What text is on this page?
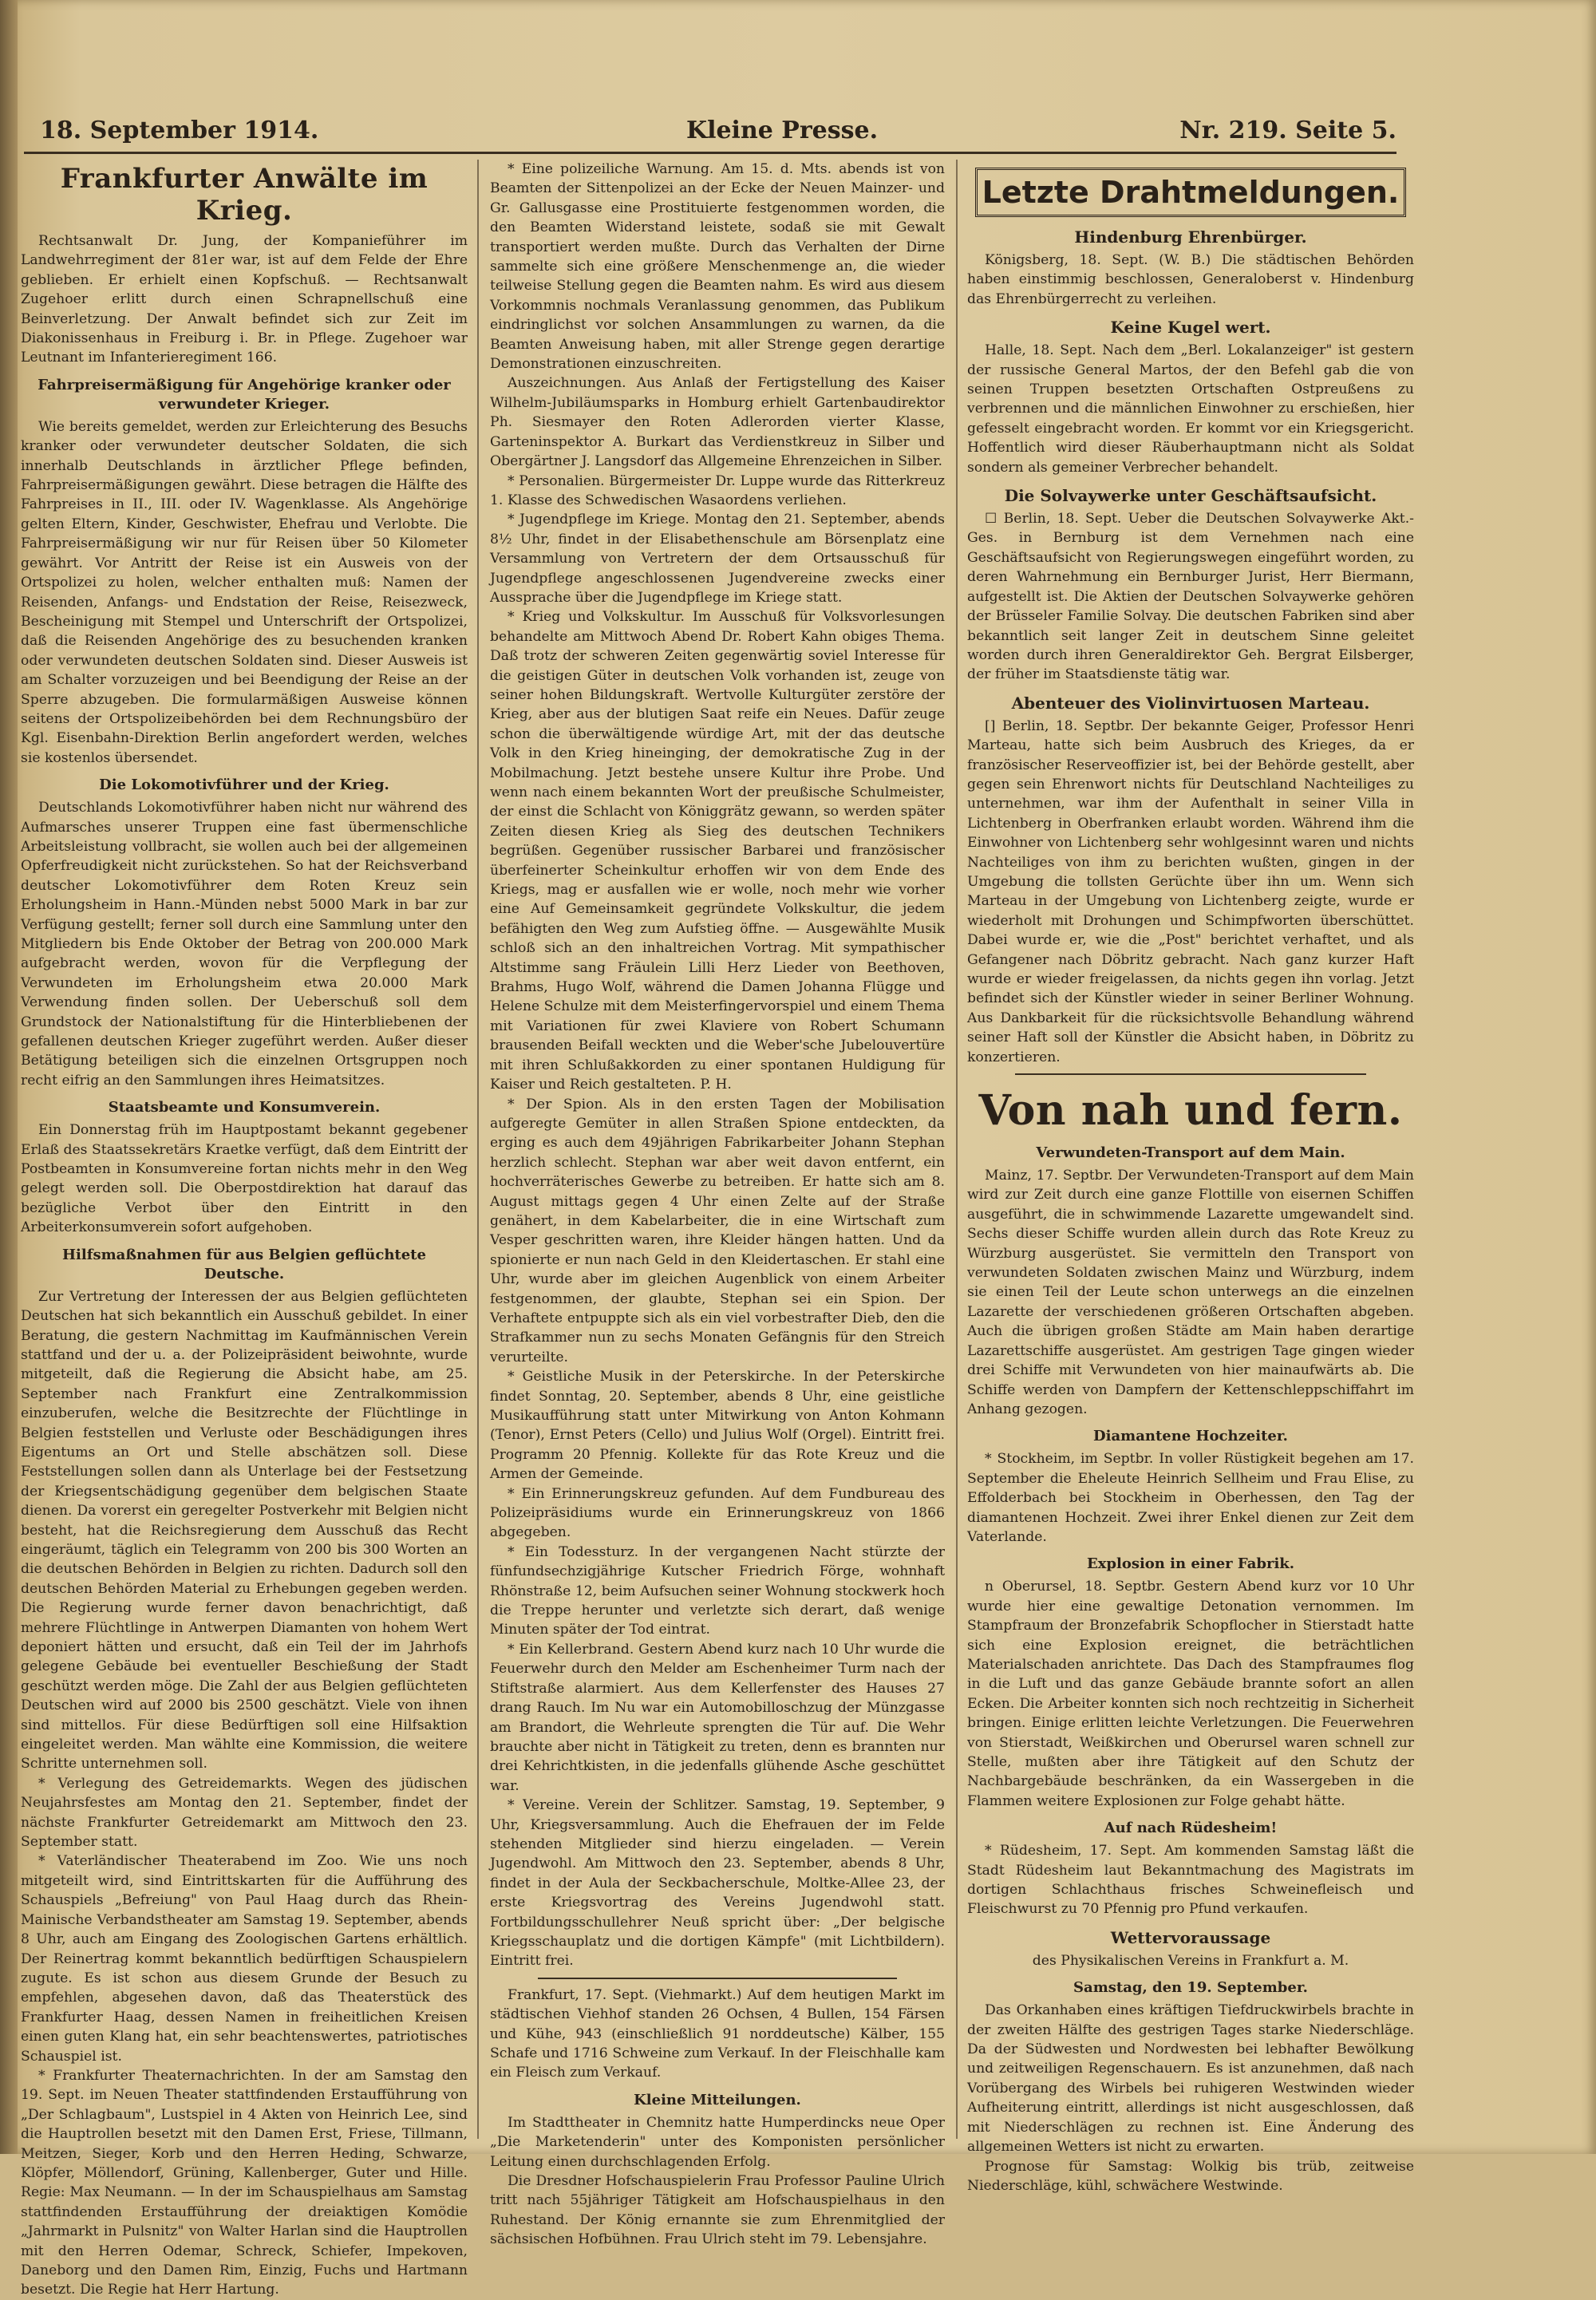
18. September 1914.	Kleine Presse.	Nr. 219. Seite 5.
Frankfurter Anwälte im Krieg.

Rechtsanwalt Dr. Jung, der Kompanieführer im Landwehrregiment der 81er war, ist auf dem Felde der Ehre geblieben. Er erhielt einen Kopfschuß. — Rechtsanwalt Zugehoer erlitt durch einen Schrapnellschuß eine Beinverletzung. Der Anwalt befindet sich zur Zeit im Diakonissenhaus in Freiburg i. Br. in Pflege. Zugehoer war Leutnant im Infanterieregiment 166.

Fahrpreisermäßigung für Angehörige kranker oder verwundeter Krieger.

Wie bereits gemeldet, werden zur Erleichterung des Besuchs kranker oder verwundeter deutscher Soldaten, die sich innerhalb Deutschlands in ärztlicher Pflege befinden, Fahrpreisermäßigungen gewährt. Diese betragen die Hälfte des Fahrpreises in II., III. oder IV. Wagenklasse. Als Angehörige gelten Eltern, Kinder, Geschwister, Ehefrau und Verlobte. Die Fahrpreisermäßigung wir nur für Reisen über 50 Kilometer gewährt. Vor Antritt der Reise ist ein Ausweis von der Ortspolizei zu holen, welcher enthalten muß: Namen der Reisenden, Anfangs- und Endstation der Reise, Reisezweck, Bescheinigung mit Stempel und Unterschrift der Ortspolizei, daß die Reisenden Angehörige des zu besuchenden kranken oder verwundeten deutschen Soldaten sind. Dieser Ausweis ist am Schalter vorzuzeigen und bei Beendigung der Reise an der Sperre abzugeben. Die formularmäßigen Ausweise können seitens der Ortspolizeibehörden bei dem Rechnungsbüro der Kgl. Eisenbahn-Direktion Berlin angefordert werden, welches sie kostenlos übersendet.

Die Lokomotivführer und der Krieg.

Deutschlands Lokomotivführer haben nicht nur während des Aufmarsches unserer Truppen eine fast übermenschliche Arbeitsleistung vollbracht, sie wollen auch bei der allgemeinen Opferfreudigkeit nicht zurückstehen. So hat der Reichsverband deutscher Lokomotivführer dem Roten Kreuz sein Erholungsheim in Hann.-Münden nebst 5000 Mark in bar zur Verfügung gestellt; ferner soll durch eine Sammlung unter den Mitgliedern bis Ende Oktober der Betrag von 200.000 Mark aufgebracht werden, wovon für die Verpflegung der Verwundeten im Erholungsheim etwa 20.000 Mark Verwendung finden sollen. Der Ueberschuß soll dem Grundstock der Nationalstiftung für die Hinterbliebenen der gefallenen deutschen Krieger zugeführt werden. Außer dieser Betätigung beteiligen sich die einzelnen Ortsgruppen noch recht eifrig an den Sammlungen ihres Heimatsitzes.

Staatsbeamte und Konsumverein.

Ein Donnerstag früh im Hauptpostamt bekannt gegebener Erlaß des Staatssekretärs Kraetke verfügt, daß dem Eintritt der Postbeamten in Konsumvereine fortan nichts mehr in den Weg gelegt werden soll. Die Oberpostdirektion hat darauf das bezügliche Verbot über den Eintritt in den Arbeiterkonsumverein sofort aufgehoben.

Hilfsmaßnahmen für aus Belgien geflüchtete Deutsche.

Zur Vertretung der Interessen der aus Belgien geflüchteten Deutschen hat sich bekanntlich ein Ausschuß gebildet. In einer Beratung, die gestern Nachmittag im Kaufmännischen Verein stattfand und der u. a. der Polizeipräsident beiwohnte, wurde mitgeteilt, daß die Regierung die Absicht habe, am 25. September nach Frankfurt eine Zentralkommission einzuberufen, welche die Besitzrechte der Flüchtlinge in Belgien feststellen und Verluste oder Beschädigungen ihres Eigentums an Ort und Stelle abschätzen soll. Diese Feststellungen sollen dann als Unterlage bei der Festsetzung der Kriegsentschädigung gegenüber dem belgischen Staate dienen. Da vorerst ein geregelter Postverkehr mit Belgien nicht besteht, hat die Reichsregierung dem Ausschuß das Recht eingeräumt, täglich ein Telegramm von 200 bis 300 Worten an die deutschen Behörden in Belgien zu richten. Dadurch soll den deutschen Behörden Material zu Erhebungen gegeben werden. Die Regierung wurde ferner davon benachrichtigt, daß mehrere Flüchtlinge in Antwerpen Diamanten von hohem Wert deponiert hätten und ersucht, daß ein Teil der im Jahrhofs gelegene Gebäude bei eventueller Beschießung der Stadt geschützt werden möge. Die Zahl der aus Belgien geflüchteten Deutschen wird auf 2000 bis 2500 geschätzt. Viele von ihnen sind mittellos. Für diese Bedürftigen soll eine Hilfsaktion eingeleitet werden. Man wählte eine Kommission, die weitere Schritte unternehmen soll.

* Verlegung des Getreidemarkts. Wegen des jüdischen Neujahrsfestes am Montag den 21. September, findet der nächste Frankfurter Getreidemarkt am Mittwoch den 23. September statt.

* Vaterländischer Theaterabend im Zoo. Wie uns noch mitgeteilt wird, sind Eintrittskarten für die Aufführung des Schauspiels „Befreiung" von Paul Haag durch das Rhein-Mainische Verbandstheater am Samstag 19. September, abends 8 Uhr, auch am Eingang des Zoologischen Gartens erhältlich. Der Reinertrag kommt bekanntlich bedürftigen Schauspielern zugute. Es ist schon aus diesem Grunde der Besuch zu empfehlen, abgesehen davon, daß das Theaterstück des Frankfurter Haag, dessen Namen in freiheitlichen Kreisen einen guten Klang hat, ein sehr beachtenswertes, patriotisches Schauspiel ist.

* Frankfurter Theaternachrichten. In der am Samstag den 19. Sept. im Neuen Theater stattfindenden Erstaufführung von „Der Schlagbaum", Lustspiel in 4 Akten von Heinrich Lee, sind die Hauptrollen besetzt mit den Damen Erst, Friese, Tillmann, Meitzen, Sieger, Korb und den Herren Heding, Schwarze, Klöpfer, Möllendorf, Grüning, Kallenberger, Guter und Hille. Regie: Max Neumann. — In der im Schauspielhaus am Samstag stattfindenden Erstaufführung der dreiaktigen Komödie „Jahrmarkt in Pulsnitz" von Walter Harlan sind die Hauptrollen mit den Herren Odemar, Schreck, Schiefer, Impekoven, Daneborg und den Damen Rim, Einzig, Fuchs und Hartmann besetzt. Die Regie hat Herr Hartung.

* Eine polizeiliche Warnung. Am 15. d. Mts. abends ist von Beamten der Sittenpolizei an der Ecke der Neuen Mainzer- und Gr. Gallusgasse eine Prostituierte festgenommen worden, die den Beamten Widerstand leistete, sodaß sie mit Gewalt transportiert werden mußte. Durch das Verhalten der Dirne sammelte sich eine größere Menschenmenge an, die wieder teilweise Stellung gegen die Beamten nahm. Es wird aus diesem Vorkommnis nochmals Veranlassung genommen, das Publikum eindringlichst vor solchen Ansammlungen zu warnen, da die Beamten Anweisung haben, mit aller Strenge gegen derartige Demonstrationen einzuschreiten.

Auszeichnungen. Aus Anlaß der Fertigstellung des Kaiser Wilhelm-Jubiläumsparks in Homburg erhielt Gartenbaudirektor Ph. Siesmayer den Roten Adlerorden vierter Klasse, Garteninspektor A. Burkart das Verdienstkreuz in Silber und Obergärtner J. Langsdorf das Allgemeine Ehrenzeichen in Silber.

* Personalien. Bürgermeister Dr. Luppe wurde das Ritterkreuz 1. Klasse des Schwedischen Wasaordens verliehen.

* Jugendpflege im Kriege. Montag den 21. September, abends 8½ Uhr, findet in der Elisabethenschule am Börsenplatz eine Versammlung von Vertretern der dem Ortsausschuß für Jugendpflege angeschlossenen Jugendvereine zwecks einer Aussprache über die Jugendpflege im Kriege statt.

* Krieg und Volkskultur. Im Ausschuß für Volksvorlesungen behandelte am Mittwoch Abend Dr. Robert Kahn obiges Thema. Daß trotz der schweren Zeiten gegenwärtig soviel Interesse für die geistigen Güter in deutschen Volk vorhanden ist, zeuge von seiner hohen Bildungskraft. Wertvolle Kulturgüter zerstöre der Krieg, aber aus der blutigen Saat reife ein Neues. Dafür zeuge schon die überwältigende würdige Art, mit der das deutsche Volk in den Krieg hineinging, der demokratische Zug in der Mobilmachung. Jetzt bestehe unsere Kultur ihre Probe. Und wenn nach einem bekannten Wort der preußische Schulmeister, der einst die Schlacht von Königgrätz gewann, so werden später Zeiten diesen Krieg als Sieg des deutschen Technikers begrüßen. Gegenüber russischer Barbarei und französischer überfeinerter Scheinkultur erhoffen wir von dem Ende des Kriegs, mag er ausfallen wie er wolle, noch mehr wie vorher eine Auf Gemeinsamkeit gegründete Volkskultur, die jedem befähigten den Weg zum Aufstieg öffne. — Ausgewählte Musik schloß sich an den inhaltreichen Vortrag. Mit sympathischer Altstimme sang Fräulein Lilli Herz Lieder von Beethoven, Brahms, Hugo Wolf, während die Damen Johanna Flügge und Helene Schulze mit dem Meisterfingervorspiel und einem Thema mit Variationen für zwei Klaviere von Robert Schumann brausenden Beifall weckten und die Weber'sche Jubelouvertüre mit ihren Schlußakkorden zu einer spontanen Huldigung für Kaiser und Reich gestalteten. P. H.

* Der Spion. Als in den ersten Tagen der Mobilisation aufgeregte Gemüter in allen Straßen Spione entdeckten, da erging es auch dem 49jährigen Fabrikarbeiter Johann Stephan herzlich schlecht. Stephan war aber weit davon entfernt, ein hochverräterisches Gewerbe zu betreiben. Er hatte sich am 8. August mittags gegen 4 Uhr einen Zelte auf der Straße genähert, in dem Kabelarbeiter, die in eine Wirtschaft zum Vesper geschritten waren, ihre Kleider hängen hatten. Und da spionierte er nun nach Geld in den Kleidertaschen. Er stahl eine Uhr, wurde aber im gleichen Augenblick von einem Arbeiter festgenommen, der glaubte, Stephan sei ein Spion. Der Verhaftete entpuppte sich als ein viel vorbestrafter Dieb, den die Strafkammer nun zu sechs Monaten Gefängnis für den Streich verurteilte.

* Geistliche Musik in der Peterskirche. In der Peterskirche findet Sonntag, 20. September, abends 8 Uhr, eine geistliche Musikaufführung statt unter Mitwirkung von Anton Kohmann (Tenor), Ernst Peters (Cello) und Julius Wolf (Orgel). Eintritt frei. Programm 20 Pfennig. Kollekte für das Rote Kreuz und die Armen der Gemeinde.

* Ein Erinnerungskreuz gefunden. Auf dem Fundbureau des Polizeipräsidiums wurde ein Erinnerungskreuz von 1866 abgegeben.

* Ein Todessturz. In der vergangenen Nacht stürzte der fünfundsechzigjährige Kutscher Friedrich Förge, wohnhaft Rhönstraße 12, beim Aufsuchen seiner Wohnung stockwerk hoch die Treppe herunter und verletzte sich derart, daß wenige Minuten später der Tod eintrat.

* Ein Kellerbrand. Gestern Abend kurz nach 10 Uhr wurde die Feuerwehr durch den Melder am Eschenheimer Turm nach der Stiftstraße alarmiert. Aus dem Kellerfenster des Hauses 27 drang Rauch. Im Nu war ein Automobilloschzug der Münzgasse am Brandort, die Wehrleute sprengten die Tür auf. Die Wehr brauchte aber nicht in Tätigkeit zu treten, denn es brannten nur drei Kehrichtkisten, in die jedenfalls glühende Asche geschüttet war.

* Vereine. Verein der Schlitzer. Samstag, 19. September, 9 Uhr, Kriegsversammlung. Auch die Ehefrauen der im Felde stehenden Mitglieder sind hierzu eingeladen. — Verein Jugendwohl. Am Mittwoch den 23. September, abends 8 Uhr, findet in der Aula der Seckbacherschule, Moltke-Allee 23, der erste Kriegsvortrag des Vereins Jugendwohl statt. Fortbildungsschullehrer Neuß spricht über: „Der belgische Kriegsschauplatz und die dortigen Kämpfe" (mit Lichtbildern). Eintritt frei.

Frankfurt, 17. Sept. (Viehmarkt.) Auf dem heutigen Markt im städtischen Viehhof standen 26 Ochsen, 4 Bullen, 154 Färsen und Kühe, 943 (einschließlich 91 norddeutsche) Kälber, 155 Schafe und 1716 Schweine zum Verkauf. In der Fleischhalle kam ein Fleisch zum Verkauf.

Kleine Mitteilungen.

Im Stadttheater in Chemnitz hatte Humperdincks neue Oper „Die Marketenderin" unter des Komponisten persönlicher Leitung einen durchschlagenden Erfolg.

Die Dresdner Hofschauspielerin Frau Professor Pauline Ulrich tritt nach 55jähriger Tätigkeit am Hofschauspielhaus in den Ruhestand. Der König ernannte sie zum Ehrenmitglied der sächsischen Hofbühnen. Frau Ulrich steht im 79. Lebensjahre.

Letzte Drahtmeldungen.
Hindenburg Ehrenbürger.

Königsberg, 18. Sept. (W. B.) Die städtischen Behörden haben einstimmig beschlossen, Generaloberst v. Hindenburg das Ehrenbürgerrecht zu verleihen.

Keine Kugel wert.

Halle, 18. Sept. Nach dem „Berl. Lokalanzeiger" ist gestern der russische General Martos, der den Befehl gab die von seinen Truppen besetzten Ortschaften Ostpreußens zu verbrennen und die männlichen Einwohner zu erschießen, hier gefesselt eingebracht worden. Er kommt vor ein Kriegsgericht. Hoffentlich wird dieser Räuberhauptmann nicht als Soldat sondern als gemeiner Verbrecher behandelt.

Die Solvaywerke unter Geschäftsaufsicht.

☐ Berlin, 18. Sept. Ueber die Deutschen Solvaywerke Akt.-Ges. in Bernburg ist dem Vernehmen nach eine Geschäftsaufsicht von Regierungswegen eingeführt worden, zu deren Wahrnehmung ein Bernburger Jurist, Herr Biermann, aufgestellt ist. Die Aktien der Deutschen Solvaywerke gehören der Brüsseler Familie Solvay. Die deutschen Fabriken sind aber bekanntlich seit langer Zeit in deutschem Sinne geleitet worden durch ihren Generaldirektor Geh. Bergrat Eilsberger, der früher im Staatsdienste tätig war.

Abenteuer des Violinvirtuosen Marteau.

[] Berlin, 18. Septbr. Der bekannte Geiger, Professor Henri Marteau, hatte sich beim Ausbruch des Krieges, da er französischer Reserveoffizier ist, bei der Behörde gestellt, aber gegen sein Ehrenwort nichts für Deutschland Nachteiliges zu unternehmen, war ihm der Aufenthalt in seiner Villa in Lichtenberg in Oberfranken erlaubt worden. Während ihm die Einwohner von Lichtenberg sehr wohlgesinnt waren und nichts Nachteiliges von ihm zu berichten wußten, gingen in der Umgebung die tollsten Gerüchte über ihn um. Wenn sich Marteau in der Umgebung von Lichtenberg zeigte, wurde er wiederholt mit Drohungen und Schimpfworten überschüttet. Dabei wurde er, wie die „Post" berichtet verhaftet, und als Gefangener nach Döbritz gebracht. Nach ganz kurzer Haft wurde er wieder freigelassen, da nichts gegen ihn vorlag. Jetzt befindet sich der Künstler wieder in seiner Berliner Wohnung. Aus Dankbarkeit für die rücksichtsvolle Behandlung während seiner Haft soll der Künstler die Absicht haben, in Döbritz zu konzertieren.

Von nah und fern.
Verwundeten-Transport auf dem Main.

Mainz, 17. Septbr. Der Verwundeten-Transport auf dem Main wird zur Zeit durch eine ganze Flottille von eisernen Schiffen ausgeführt, die in schwimmende Lazarette umgewandelt sind. Sechs dieser Schiffe wurden allein durch das Rote Kreuz zu Würzburg ausgerüstet. Sie vermitteln den Transport von verwundeten Soldaten zwischen Mainz und Würzburg, indem sie einen Teil der Leute schon unterwegs an die einzelnen Lazarette der verschiedenen größeren Ortschaften abgeben. Auch die übrigen großen Städte am Main haben derartige Lazarettschiffe ausgerüstet. Am gestrigen Tage gingen wieder drei Schiffe mit Verwundeten von hier mainaufwärts ab. Die Schiffe werden von Dampfern der Kettenschleppschiffahrt im Anhang gezogen.

Diamantene Hochzeiter.

* Stockheim, im Septbr. In voller Rüstigkeit begehen am 17. September die Eheleute Heinrich Sellheim und Frau Elise, zu Effolderbach bei Stockheim in Oberhessen, den Tag der diamantenen Hochzeit. Zwei ihrer Enkel dienen zur Zeit dem Vaterlande.

Explosion in einer Fabrik.

n Oberursel, 18. Septbr. Gestern Abend kurz vor 10 Uhr wurde hier eine gewaltige Detonation vernommen. Im Stampfraum der Bronzefabrik Schopflocher in Stierstadt hatte sich eine Explosion ereignet, die beträchtlichen Materialschaden anrichtete. Das Dach des Stampfraumes flog in die Luft und das ganze Gebäude brannte sofort an allen Ecken. Die Arbeiter konnten sich noch rechtzeitig in Sicherheit bringen. Einige erlitten leichte Verletzungen. Die Feuerwehren von Stierstadt, Weißkirchen und Oberursel waren schnell zur Stelle, mußten aber ihre Tätigkeit auf den Schutz der Nachbargebäude beschränken, da ein Wassergeben in die Flammen weitere Explosionen zur Folge gehabt hätte.

Auf nach Rüdesheim!

* Rüdesheim, 17. Sept. Am kommenden Samstag läßt die Stadt Rüdesheim laut Bekanntmachung des Magistrats im dortigen Schlachthaus frisches Schweinefleisch und Fleischwurst zu 70 Pfennig pro Pfund verkaufen.

Wettervoraussage

des Physikalischen Vereins in Frankfurt a. M.

Samstag, den 19. September.

Das Orkanhaben eines kräftigen Tiefdruckwirbels brachte in der zweiten Hälfte des gestrigen Tages starke Niederschläge. Da der Südwesten und Nordwesten bei lebhafter Bewölkung und zeitweiligen Regenschauern. Es ist anzunehmen, daß nach Vorübergang des Wirbels bei ruhigeren Westwinden wieder Aufheiterung eintritt, allerdings ist nicht ausgeschlossen, daß mit Niederschlägen zu rechnen ist. Eine Änderung des allgemeinen Wetters ist nicht zu erwarten.

Prognose für Samstag: Wolkig bis trüb, zeitweise Niederschläge, kühl, schwächere Westwinde.
